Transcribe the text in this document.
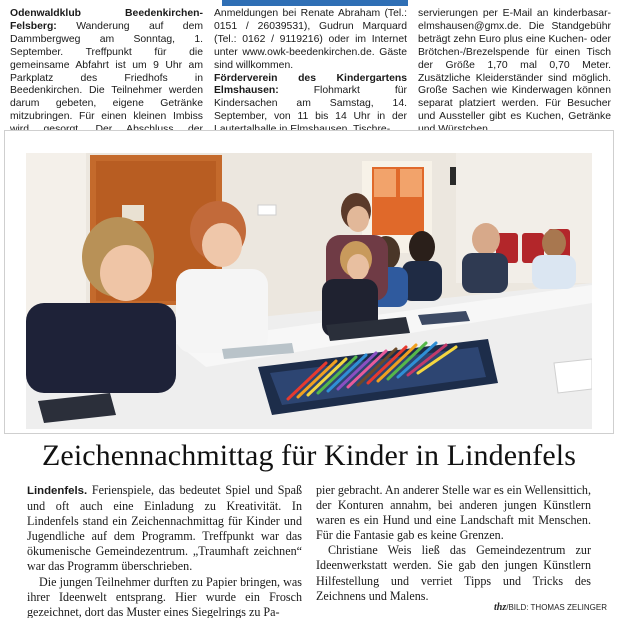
Odenwaldklub Beedenkirchen-Felsberg: Wanderung auf dem Dammbergweg am Sonntag, 1. September. Treffpunkt für die gemeinsame Abfahrt ist um 9 Uhr am Parkplatz des Friedhofs in Beedenkirchen. Die Teilnehmer werden darum gebeten, eigene Getränke mitzubringen. Für einen kleinen Imbiss

Anmeldungen bei Renate Abraham (Tel.: 0151 / 26039531), Gudrun Marquard (Tel.: 0162 / 9119216) oder im Internet unter www.owk-beedenkirchen.de. Gäste sind willkommen.

Förderverein des Kindergartens Elmshausen:	Flohmarkt für Kindersachen am Samstag, 14. September, von 11 bis 14 Uhr in der

servierungen per E-Mail an kinderbasar-elmshausen@gmx.de. Die Standgebühr beträgt zehn Euro plus eine Kuchen- oder Brötchen-/Brezelspende für einen Tisch der Größe 1,70 mal 0,70 Meter. Zusätzliche Kleiderständer sind möglich. Große Sachen wie Kinderwagen können separat platziert werden. Für Besucher und Aussteller gibt es Kuchen, Getränke

Zeichennachmittag für Kinder in Lindenfels

Lindenfels. Ferienspiele, das bedeutet Spiel und Spaß und oft auch eine Einladung zu Kreativität. In Lindenfels stand ein Zeichennachmittag für Kinder und Jugendliche auf dem Programm. Treffpunkt war das ökumenische Gemeindezentrum. „Traumhaft zeichnen“ war das Programm überschrieben.

Die jungen Teilnehmer durften zu Papier bringen, was ihrer Ideenwelt entsprang. Hier wurde ein Frosch gezeichnet, dort das Muster eines Siegelrings zu Pa-

pier gebracht. An anderer Stelle war es ein Wellensittich, der Konturen annahm, bei anderen jungen Künstlern waren es ein Hund und eine Landschaft mit Menschen. Für die Fantasie gab es keine Grenzen.

Christiane Weis ließ das Gemeindezentrum zur Ideenwerkstatt werden. Sie gab den jungen Künstlern Hilfestellung und verriet Tipps und Tricks des Zeichnens und Malens.

thz/BILD: THOMAS ZELINGER
